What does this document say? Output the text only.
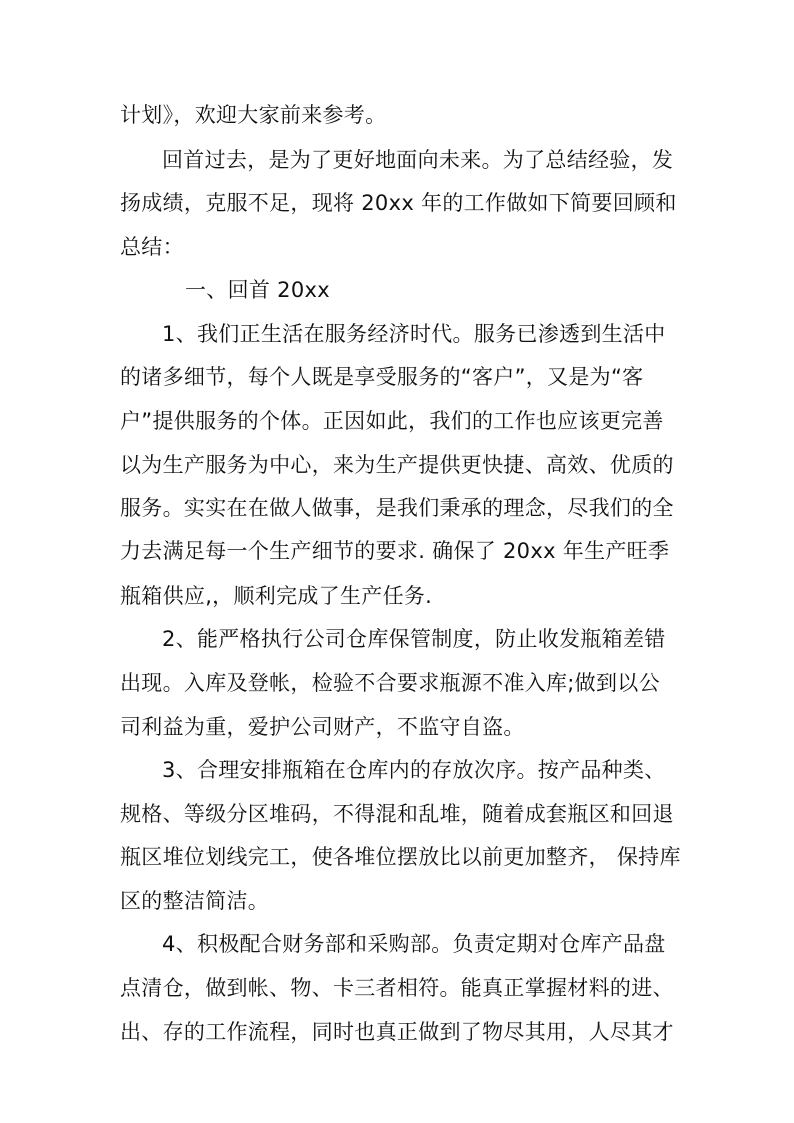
计划》，欢迎大家前来参考。
回首过去，是为了更好地面向未来。为了总结经验，发
扬成绩，克服不足，现将 20xx 年的工作做如下简要回顾和
总结：
一、回首 20xx
1、我们正生活在服务经济时代。服务已渗透到生活中
的诸多细节，每个人既是享受服务的“客户”，又是为“客
户”提供服务的个体。正因如此，我们的工作也应该更完善
以为生产服务为中心，来为生产提供更快捷、高效、优质的
服务。实实在在做人做事，是我们秉承的理念，尽我们的全
力去满足每一个生产细节的要求. 确保了 20xx 年生产旺季
瓶箱供应,，顺利完成了生产任务.
2、能严格执行公司仓库保管制度，防止收发瓶箱差错
出现。入库及登帐，检验不合要求瓶源不准入库;做到以公
司利益为重，爱护公司财产，不监守自盗。
3、合理安排瓶箱在仓库内的存放次序。按产品种类、
规格、等级分区堆码，不得混和乱堆，随着成套瓶区和回退
瓶区堆位划线完工，使各堆位摆放比以前更加整齐， 保持库
区的整洁简洁。
4、积极配合财务部和采购部。负责定期对仓库产品盘
点清仓，做到帐、物、卡三者相符。能真正掌握材料的进、
出、存的工作流程，同时也真正做到了物尽其用，人尽其才
